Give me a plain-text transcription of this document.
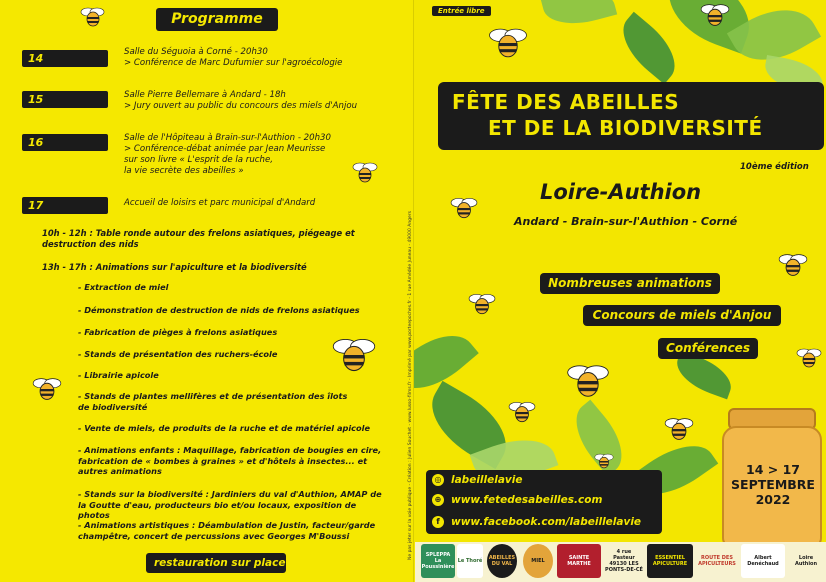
Programme
14 septembre
Salle du Séguoia à Corné - 20h30
> Conférence de Marc Dufumier sur l'agroécologie
15 septembre
Salle Pierre Bellemare à Andard - 18h
> Jury ouvert au public du concours des miels d'Anjou
16 septembre
Salle de l'Hôpiteau à Brain-sur-l'Authion - 20h30
> Conférence-débat animée par Jean Meurisse
sur son livre « L'esprit de la ruche,
la vie secrète des abeilles »
17 septembre
Accueil de loisirs et parc municipal d'Andard
10h - 12h : Table ronde autour des frelons asiatiques, piégeage et
destruction des nids
13h - 17h : Animations sur l'apiculture et la biodiversité
- Extraction de miel
- Démonstration de destruction de nids de frelons asiatiques
- Fabrication de pièges à frelons asiatiques
- Stands de présentation des ruchers-école
- Librairie apicole
- Stands de plantes mellifères et de présentation des îlots
de biodiversité
- Vente de miels, de produits de la ruche et de matériel apicole
- Animations enfants : Maquillage, fabrication de bougies en cire,
fabrication de « bombes à graines » et d'hôtels à insectes... et
autres animations
- Stands sur la biodiversité : Jardiniers du val d'Authion, AMAP de
la Goutte d'eau, producteurs bio et/ou locaux, exposition de photos
- Animations artistiques : Déambulation de Justin, facteur/garde
champêtre, concert de percussions avec Georges M'Boussi
restauration sur place
Ne pas jeter sur la voie publique - Création : Julien Souchet - www.lusso-films.fr - Imprimé par www.porteepoches.fr - 1 rue Amédée Juneau - 49000 Angers
Entrée libre
FÊTE DES ABEILLES
ET DE LA BIODIVERSITÉ
10ème édition
Loire-Authion
Andard - Brain-sur-l'Authion - Corné
Nombreuses animations
Concours de miels d'Anjou
Conférences
14 > 17
SEPTEMBRE
2022
◎ labeillelavie
⊕ www.fetedesabeilles.com
f	www.facebook.com/labeillelavie
SPLEPPA
La Poussinière
Le Thoré	ABEILLES DU VAL	MIEL	SAINTE MARTHE
4 rue Pasteur
49130 LES PONTS-DE-CÉ
ESSENTIEL APICULTURE
ROUTE DES APICULTEURS
Albert
Denéchaud
Loire Authion
